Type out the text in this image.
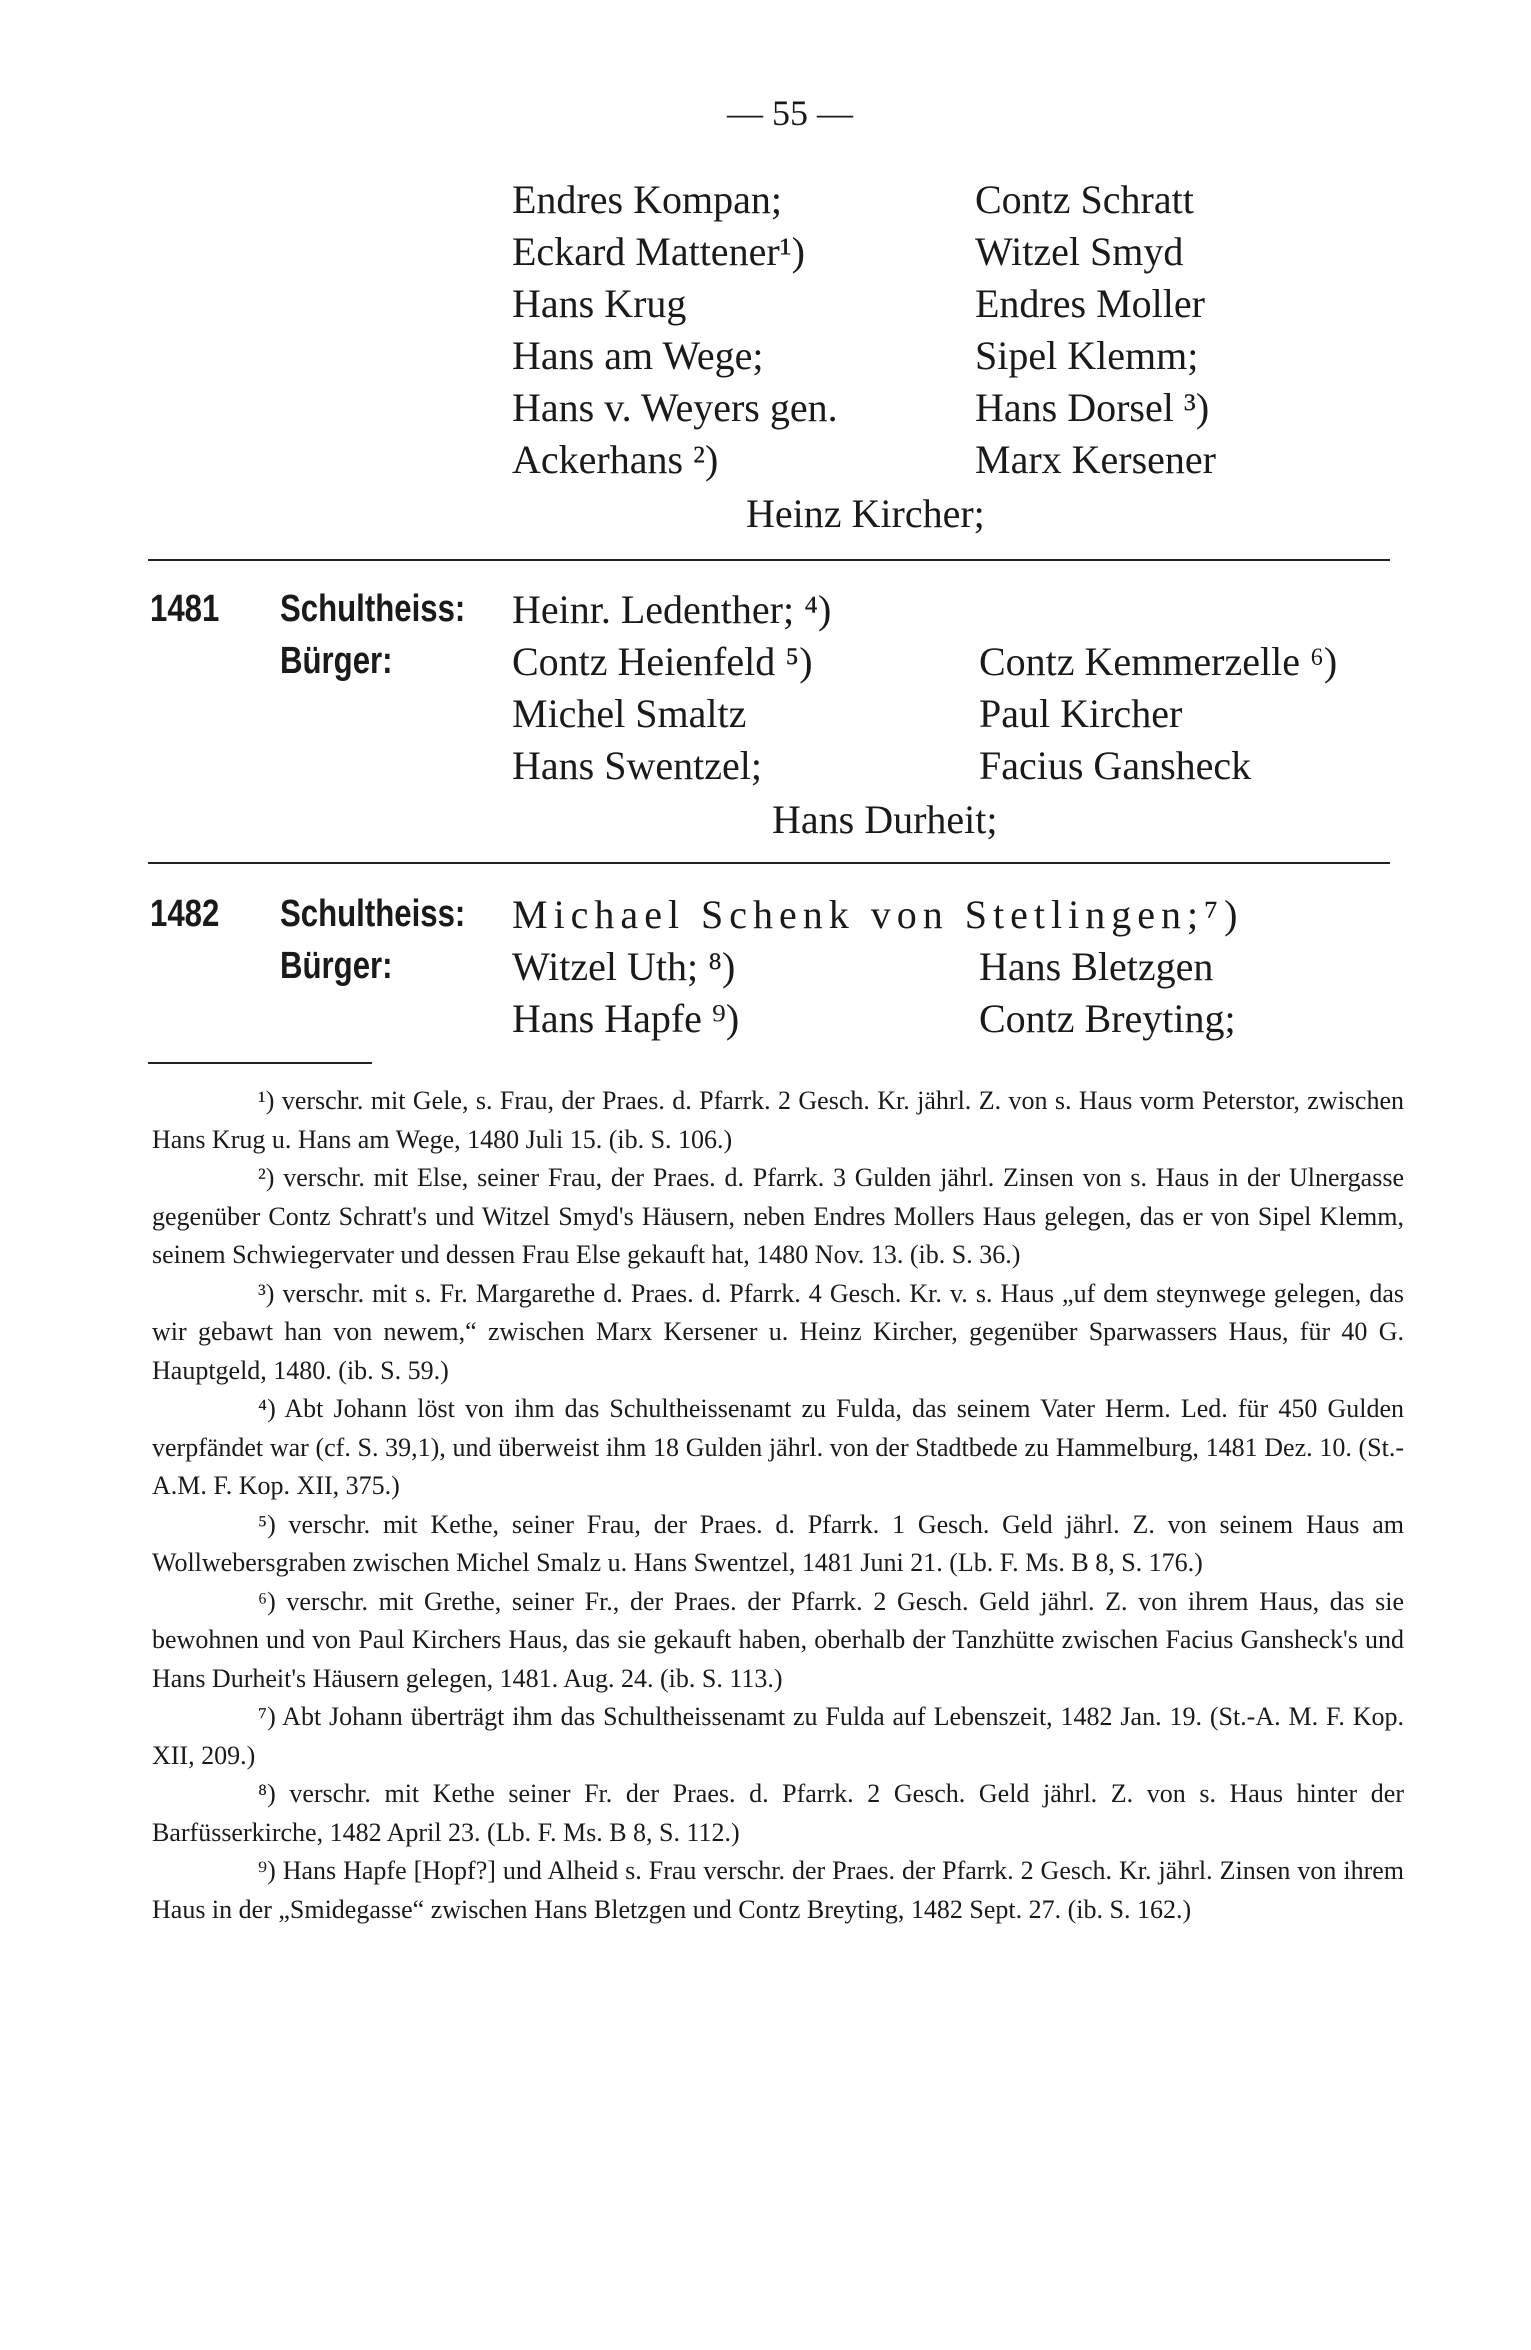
— 55 —
Endres Kompan;
Eckard Mattener¹)
Hans Krug
Hans am Wege;
Hans v. Weyers gen.
Ackerhans ²)
Contz Schratt
Witzel Smyd
Endres Moller
Sipel Klemm;
Hans Dorsel ³)
Marx Kersener
Heinz Kircher;
1481 Schultheiss: Heinr. Ledenther; ⁴)
Bürger:	Contz Heienfeld ⁵)
Michel Smaltz
Hans Swentzel;
Contz Kemmerzelle ⁶)
Paul Kircher
Facius Gansheck
Hans Durheit;
1482 Schultheiss: Michael Schenk von Stetlingen;⁷)
Bürger:	Witzel Uth; ⁸)
Hans Hapfe ⁹)
Hans Bletzgen
Contz Breyting;

¹) verschr. mit Gele, s. Frau, der Praes. d. Pfarrk. 2 Gesch. Kr. jährl. Z. von s. Haus vorm Peterstor, zwischen Hans Krug u. Hans am Wege, 1480 Juli 15. (ib. S. 106.)

²) verschr. mit Else, seiner Frau, der Praes. d. Pfarrk. 3 Gulden jährl. Zinsen von s. Haus in der Ulnergasse gegenüber Contz Schratt's und Witzel Smyd's Häusern, neben Endres Mollers Haus gelegen, das er von Sipel Klemm, seinem Schwiegervater und dessen Frau Else gekauft hat, 1480 Nov. 13. (ib. S. 36.)

³) verschr. mit s. Fr. Margarethe d. Praes. d. Pfarrk. 4 Gesch. Kr. v. s. Haus „uf dem steynwege gelegen, das wir gebawt han von newem,“ zwischen Marx Kersener u. Heinz Kircher, gegenüber Sparwassers Haus, für 40 G. Hauptgeld, 1480. (ib. S. 59.)

⁴) Abt Johann löst von ihm das Schultheissenamt zu Fulda, das seinem Vater Herm. Led. für 450 Gulden verpfändet war (cf. S. 39,1), und überweist ihm 18 Gulden jährl. von der Stadtbede zu Hammelburg, 1481 Dez. 10. (St.-A.M. F. Kop. XII, 375.)

⁵) verschr. mit Kethe, seiner Frau, der Praes. d. Pfarrk. 1 Gesch. Geld jährl. Z. von seinem Haus am Wollwebersgraben zwischen Michel Smalz u. Hans Swentzel, 1481 Juni 21. (Lb. F. Ms. B 8, S. 176.)

⁶) verschr. mit Grethe, seiner Fr., der Praes. der Pfarrk. 2 Gesch. Geld jährl. Z. von ihrem Haus, das sie bewohnen und von Paul Kirchers Haus, das sie gekauft haben, oberhalb der Tanzhütte zwischen Facius Gansheck's und Hans Durheit's Häusern gelegen, 1481. Aug. 24. (ib. S. 113.)

⁷) Abt Johann überträgt ihm das Schultheissenamt zu Fulda auf Lebenszeit, 1482 Jan. 19. (St.-A. M. F. Kop. XII, 209.)

⁸) verschr. mit Kethe seiner Fr. der Praes. d. Pfarrk. 2 Gesch. Geld jährl. Z. von s. Haus hinter der Barfüsserkirche, 1482 April 23. (Lb. F. Ms. B 8, S. 112.)

⁹) Hans Hapfe [Hopf?] und Alheid s. Frau verschr. der Praes. der Pfarrk. 2 Gesch. Kr. jährl. Zinsen von ihrem Haus in der „Smidegasse“ zwischen Hans Bletzgen und Contz Breyting, 1482 Sept. 27. (ib. S. 162.)
